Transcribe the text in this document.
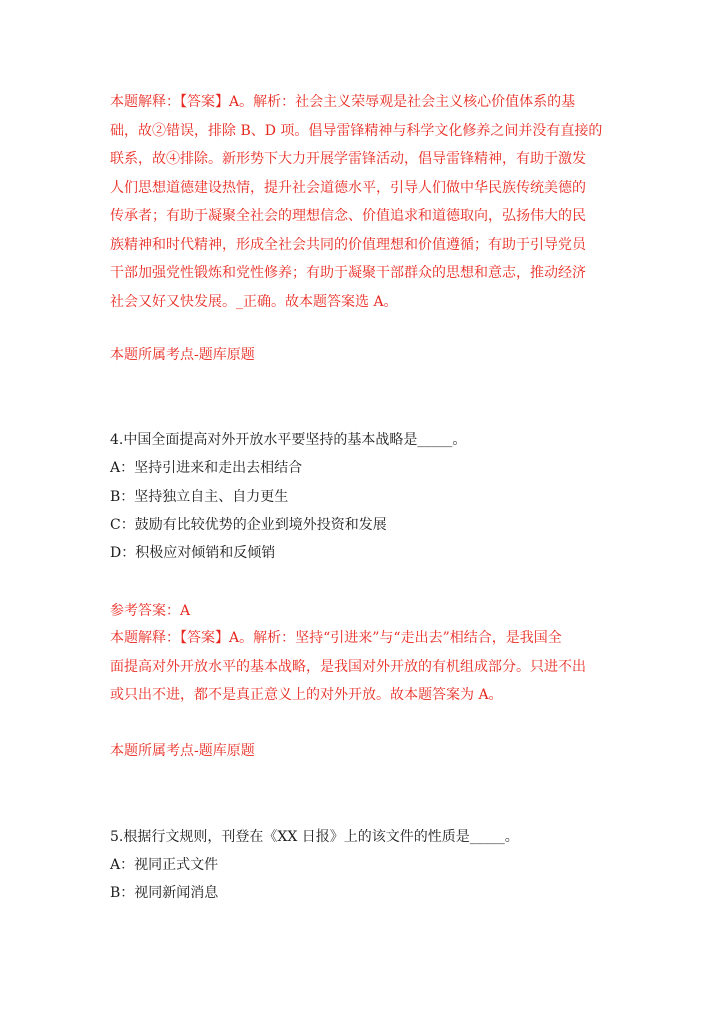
本题解释：【答案】A。解析：社会主义荣辱观是社会主义核心价值体系的基
础，故②错误，排除 B、D 项。倡导雷锋精神与科学文化修养之间并没有直接的
联系，故④排除。新形势下大力开展学雷锋活动，倡导雷锋精神，有助于激发
人们思想道德建设热情，提升社会道德水平，引导人们做中华民族传统美德的
传承者；有助于凝聚全社会的理想信念、价值追求和道德取向，弘扬伟大的民
族精神和时代精神，形成全社会共同的价值理想和价值遵循；有助于引导党员
干部加强党性锻炼和党性修养；有助于凝聚干部群众的思想和意志，推动经济
社会又好又快发展。_正确。故本题答案选 A。
本题所属考点-题库原题
4.中国全面提高对外开放水平要坚持的基本战略是_____。
A：坚持引进来和走出去相结合
B：坚持独立自主、自力更生
C：鼓励有比较优势的企业到境外投资和发展
D：积极应对倾销和反倾销
参考答案：A
本题解释：【答案】A。解析：坚持“引进来”与“走出去”相结合，是我国全
面提高对外开放水平的基本战略，是我国对外开放的有机组成部分。只进不出
或只出不进，都不是真正意义上的对外开放。故本题答案为 A。
本题所属考点-题库原题
5.根据行文规则，刊登在《XX 日报》上的该文件的性质是_____。
A：视同正式文件
B：视同新闻消息
